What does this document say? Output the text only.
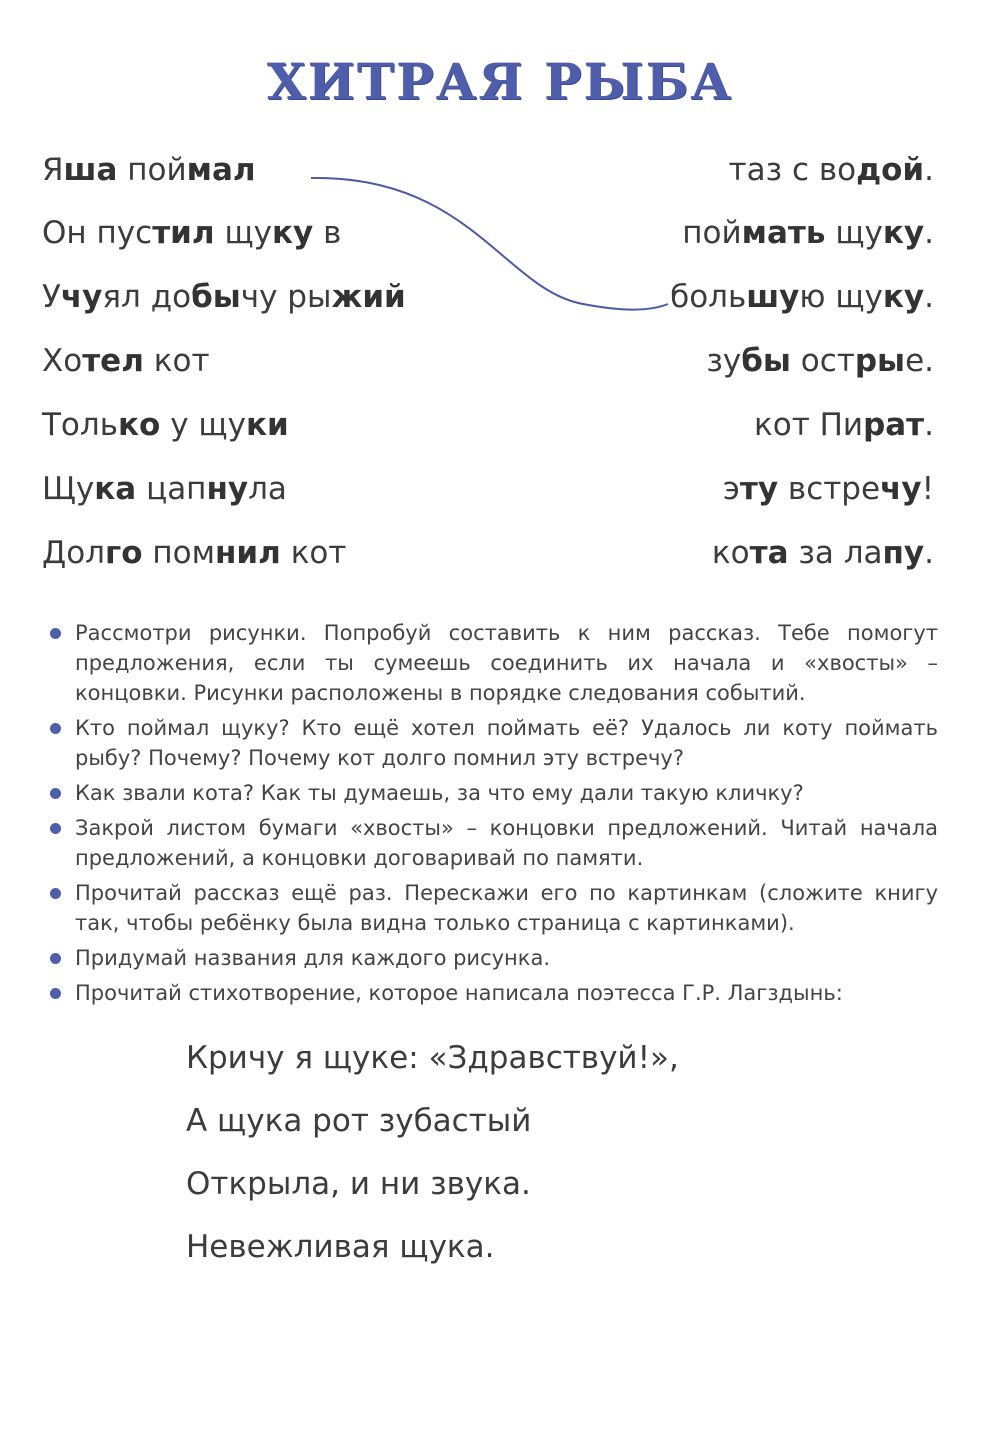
ХИТРАЯ РЫБА
Яша поймал
Он пустил щуку в
Учуял добычу рыжий
Хотел кот
Только у щуки
Щука цапнула
Долго помнил кот
таз с водой.
поймать щуку.
большую щуку.
зубы острые.
кот Пират.
эту встречу!
кота за лапу.
Рассмотри рисунки. Попробуй составить к ним рассказ. Тебе помогут предложения, если ты сумеешь соединить их начала и «хвосты» – концовки. Рисунки расположены в порядке следования событий.
Кто поймал щуку? Кто ещё хотел поймать её? Удалось ли коту поймать рыбу? Почему? Почему кот долго помнил эту встречу?
Как звали кота? Как ты думаешь, за что ему дали такую кличку?
Закрой листом бумаги «хвосты» – концовки предложений. Читай начала предложений, а концовки договаривай по памяти.
Прочитай рассказ ещё раз. Перескажи его по картинкам (сложите книгу так, чтобы ребёнку была видна только страница с картинками).
Придумай названия для каждого рисунка.
Прочитай стихотворение, которое написала поэтесса Г.Р. Лагздынь:
Кричу я щуке: «Здравствуй!»,
А щука рот зубастый
Открыла, и ни звука.
Невежливая щука.
